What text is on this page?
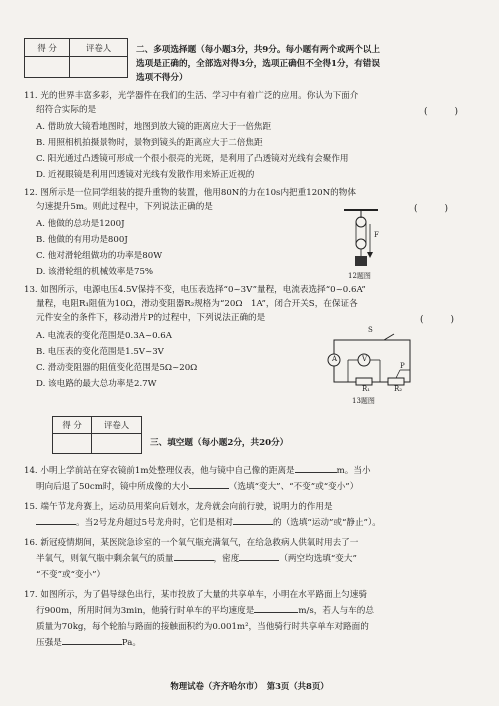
得 分	评卷人
		二、多项选择题（每小题3分，共9分。每小题有两个或两个以上
选项是正确的，全部选对得3分，选项正确但不全得1分，有错误
选项不得分）
11. 光的世界丰富多彩，光学器件在我们的生活、学习中有着广泛的应用。你认为下面介
绍符合实际的是	(　　　)
A. 借助放大镜看地图时，地图到放大镜的距离应大于一倍焦距
B. 用照相机拍摄景物时，景物到镜头的距离应大于二倍焦距
C. 阳光通过凸透镜可形成一个很小很亮的光斑，是利用了凸透镜对光线有会聚作用
D. 近视眼镜是利用凹透镜对光线有发散作用来矫正近视的
12. 图所示是一位同学组装的提升重物的装置，他用80N的力在10s内把重120N的物体
匀速提升5m。则此过程中，下列说法正确的是	(　　　)
A. 他做的总功是1200J
B. 他做的有用功是800J
C. 他对滑轮组做功的功率是80W
D. 该滑轮组的机械效率是75%
F
12题图
13. 如图所示，电源电压4.5V保持不变，电压表选择“0~3V”量程，电流表选择“0~0.6A”
量程，电阻R₁阻值为10Ω，滑动变阻器R₂规格为“20Ω　1A”，闭合开关S，在保证各
元件安全的条件下，移动滑片P的过程中，下列说法正确的是	(　　　)
A. 电流表的变化范围是0.3A~0.6A
B. 电压表的变化范围是1.5V~3V
C. 滑动变阻器的阻值变化范围是5Ω~20Ω
D. 该电路的最大总功率是2.7W
S
A	V
R₁	R₂
P
13题图
得 分	评卷人

三、填空题（每小题2分，共20分）
14. 小明上学前站在穿衣镜前1m处整理仪表，他与镜中自己像的距离是	m。当小
明向后退了50cm时，镜中所成像的大小	（选填“变大”、“不变”或“变小”）
15. 端午节龙舟赛上，运动员用桨向后划水，龙舟就会向前行驶，说明力的作用是
。当2号龙舟超过5号龙舟时，它们是相对	的（选填“运动”或“静止”）。
16. 新冠疫情期间，某医院急诊室的一个氧气瓶充满氧气，在给急救病人供氧时用去了一
半氧气，则氧气瓶中剩余氧气的质量	，密度	（两空均选填“变大”
“不变”或“变小”）
17. 如图所示，为了倡导绿色出行，某市投放了大量的共享单车，小明在水平路面上匀速骑
行900m，所用时间为3min，他骑行时单车的平均速度是	m/s，若人与车的总
质量为70kg，每个轮胎与路面的接触面积约为0.001m²，当他骑行时共享单车对路面的
压强是	Pa。
物理试卷（齐齐哈尔市）　第3页（共8页）
